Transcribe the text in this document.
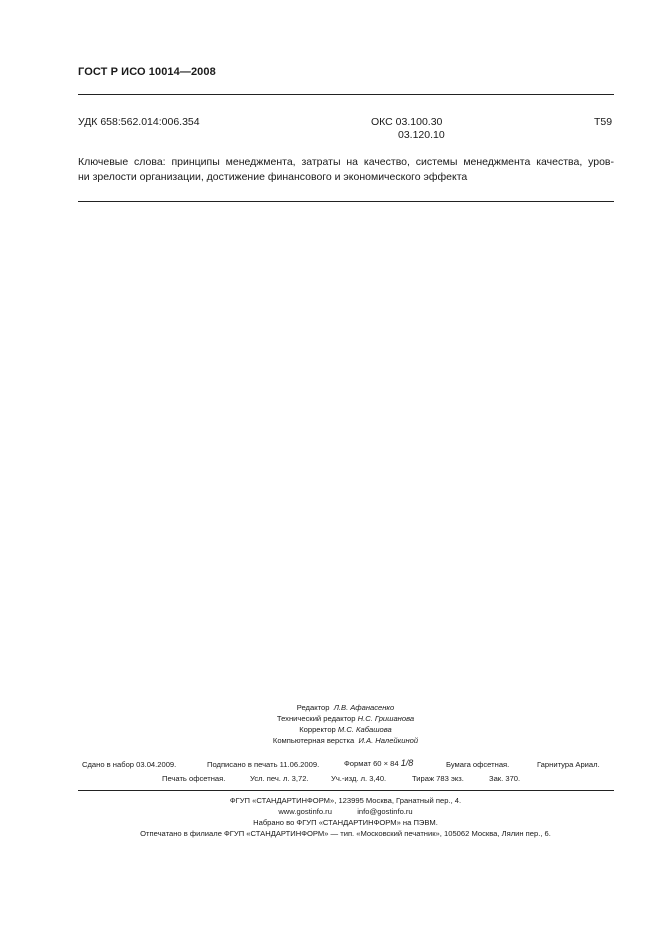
ГОСТ Р ИСО 10014—2008
УДК 658:562.014:006.354	ОКС 03.100.30
03.120.10
Т59
Ключевые слова: принципы менеджмента, затраты на качество, системы менеджмента качества, уров-
ни зрелости организации, достижение финансового и экономического эффекта
Редактор Л.В. Афанасенко
Технический редактор Н.С. Гришанова
Корректор М.С. Кабашова
Компьютерная верстка И.А. Налейкиной
Сдано в набор 03.04.2009.	Подписано в печать 11.06.2009.	Формат 60 × 84 1/8	Бумага офсетная.	Гарнитура Ариал.
Печать офсетная.	Усл. печ. л. 3,72.	Уч.-изд. л. 3,40.	Тираж 783 экз.	Зак. 370.
ФГУП «СТАНДАРТИНФОРМ», 123995 Москва, Гранатный пер., 4.
www.gostinfo.ru	info@gostinfo.ru
Набрано во ФГУП «СТАНДАРТИНФОРМ» на ПЭВМ.
Отпечатано в филиале ФГУП «СТАНДАРТИНФОРМ» — тип. «Московский печатник», 105062 Москва, Лялин пер., 6.
